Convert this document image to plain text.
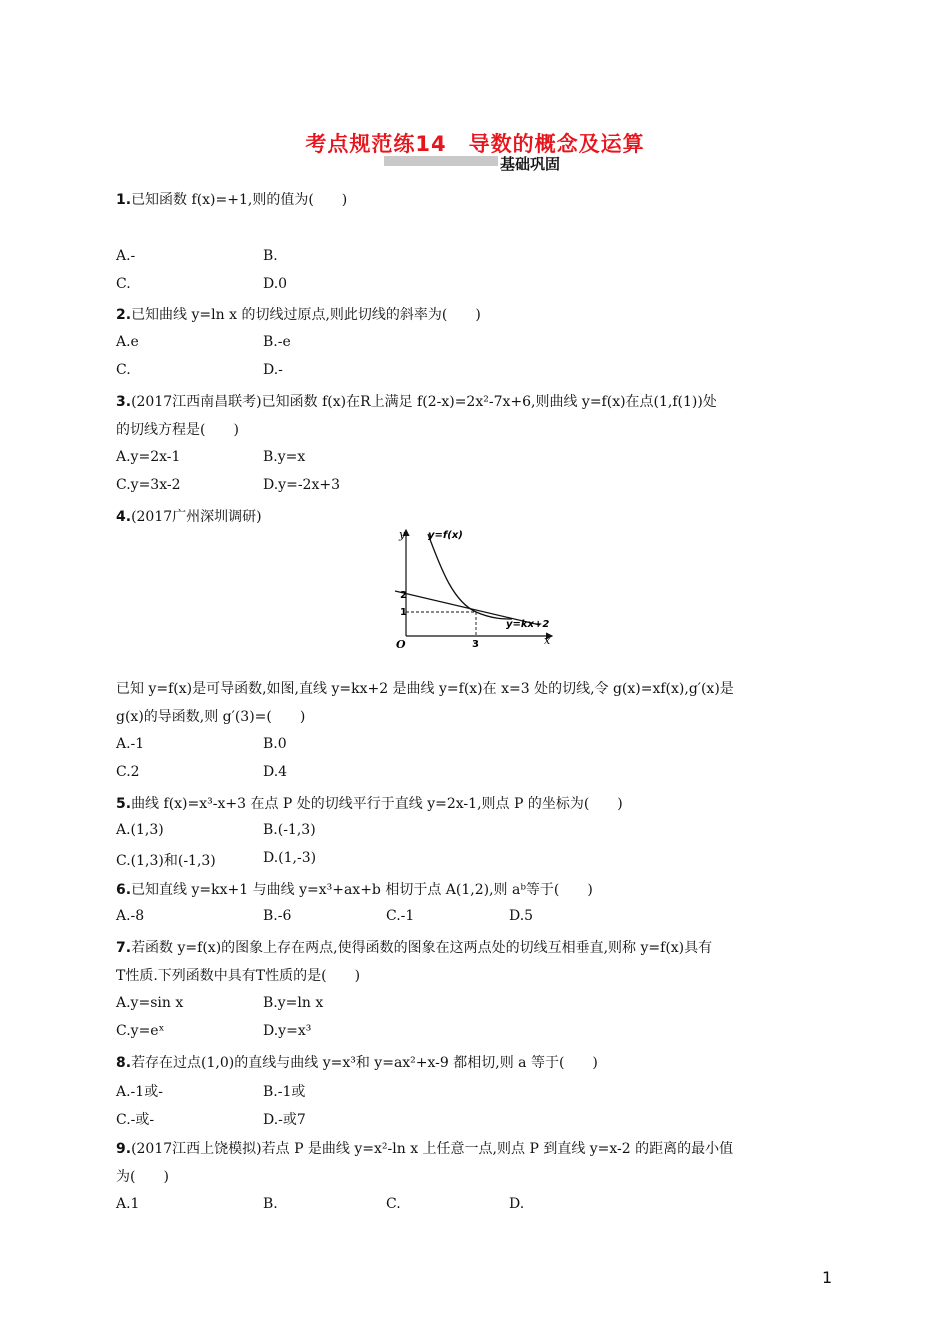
考点规范练14　导数的概念及运算
基础巩固
1.已知函数 f(x)=+1,则的值为(　　)
A.-	B.
C.	D.0
2.已知曲线 y=ln x 的切线过原点,则此切线的斜率为(　　)
A.e	B.-e
C.	D.-
3.(2017江西南昌联考)已知函数 f(x)在R上满足 f(2-x)=2x²-7x+6,则曲线 y=f(x)在点(1,f(1))处
的切线方程是(　　)
A.y=2x-1	B.y=x
C.y=3x-2	D.y=-2x+3
4.(2017广州深圳调研)
y y=f(x)
2
1
O	3
y=kx+2
x
已知 y=f(x)是可导函数,如图,直线 y=kx+2 是曲线 y=f(x)在 x=3 处的切线,令 g(x)=xf(x),g′(x)是
g(x)的导函数,则 g′(3)=(　　)
A.-1	B.0
C.2	D.4
5.曲线 f(x)=x³-x+3 在点 P 处的切线平行于直线 y=2x-1,则点 P 的坐标为(　　)
A.(1,3)	B.(-1,3)
C.(1,3)和(-1,3)	D.(1,-3)
6.已知直线 y=kx+1 与曲线 y=x³+ax+b 相切于点 A(1,2),则 aᵇ等于(　　)
A.-8	B.-6	C.-1	D.5
7.若函数 y=f(x)的图象上存在两点,使得函数的图象在这两点处的切线互相垂直,则称 y=f(x)具有
T性质.下列函数中具有T性质的是(　　)
A.y=sin x	B.y=ln x
C.y=eˣ	D.y=x³
8.若存在过点(1,0)的直线与曲线 y=x³和 y=ax²+x-9 都相切,则 a 等于(　　)
A.-1或-	B.-1或
C.-或-	D.-或7
9.(2017江西上饶模拟)若点 P 是曲线 y=x²-ln x 上任意一点,则点 P 到直线 y=x-2 的距离的最小值
为(　　)
A.1	B.	C.	D.
1
